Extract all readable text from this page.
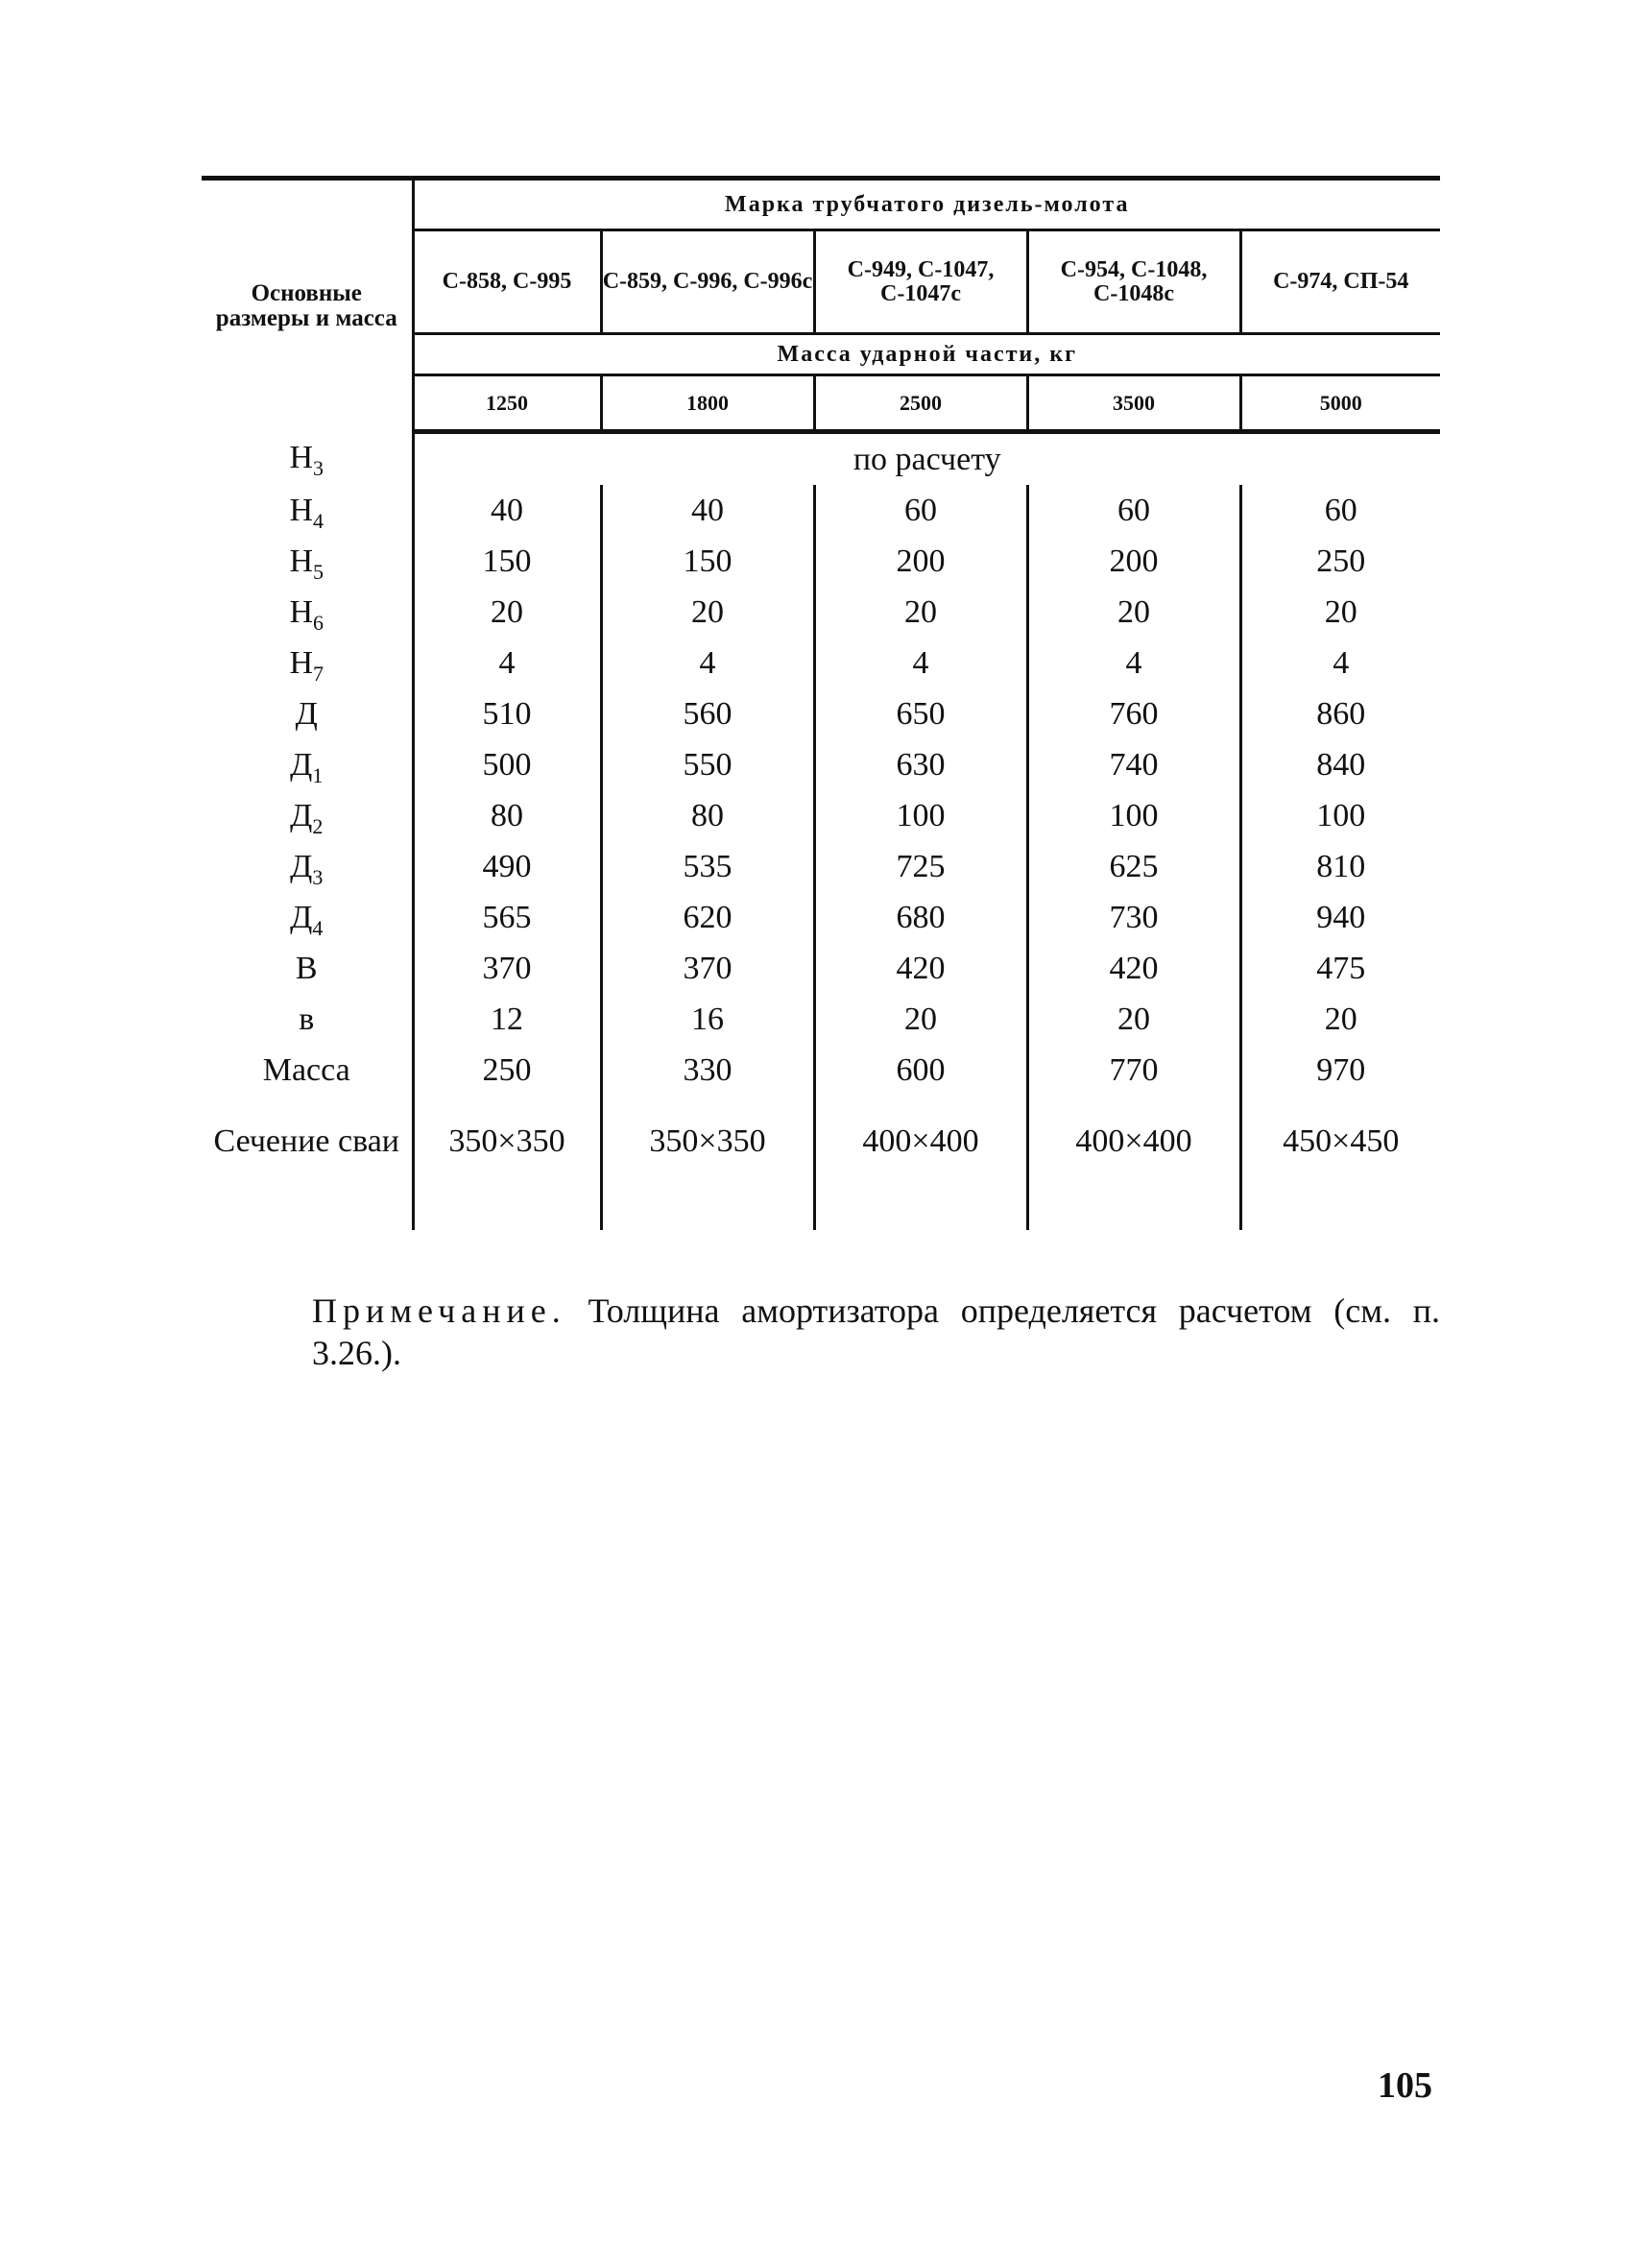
Основные размеры и масса	Марка трубчатого дизель-молота				
	С-858, С-995	С-859, С-996, С-996с	С-949, С-1047, С-1047с	С-954, С-1048, С-1048с	С-974, СП-54
	Масса ударной части, кг				
	1250	1800	2500	3500	5000

$H_3$	по расчету				
$H_4$	40	40	60	60	60
$H_5$	150	150	200	200	250
$H_6$	20	20	20	20	20
$H_7$	4	4	4	4	4
Д	510	560	650	760	860
$Д_1$	500	550	630	740	840
$Д_2$	80	80	100	100	100
$Д_3$	490	535	725	625	810
$Д_4$	565	620	680	730	940
B	370	370	420	420	475
в	12	16	20	20	20
Масса	250	330	600	770	970
Сечение сваи	350×350	350×350	400×400	400×400	450×450

Примечание. Толщина амортизатора определяется расчетом (см. п. 3.26.).
105
